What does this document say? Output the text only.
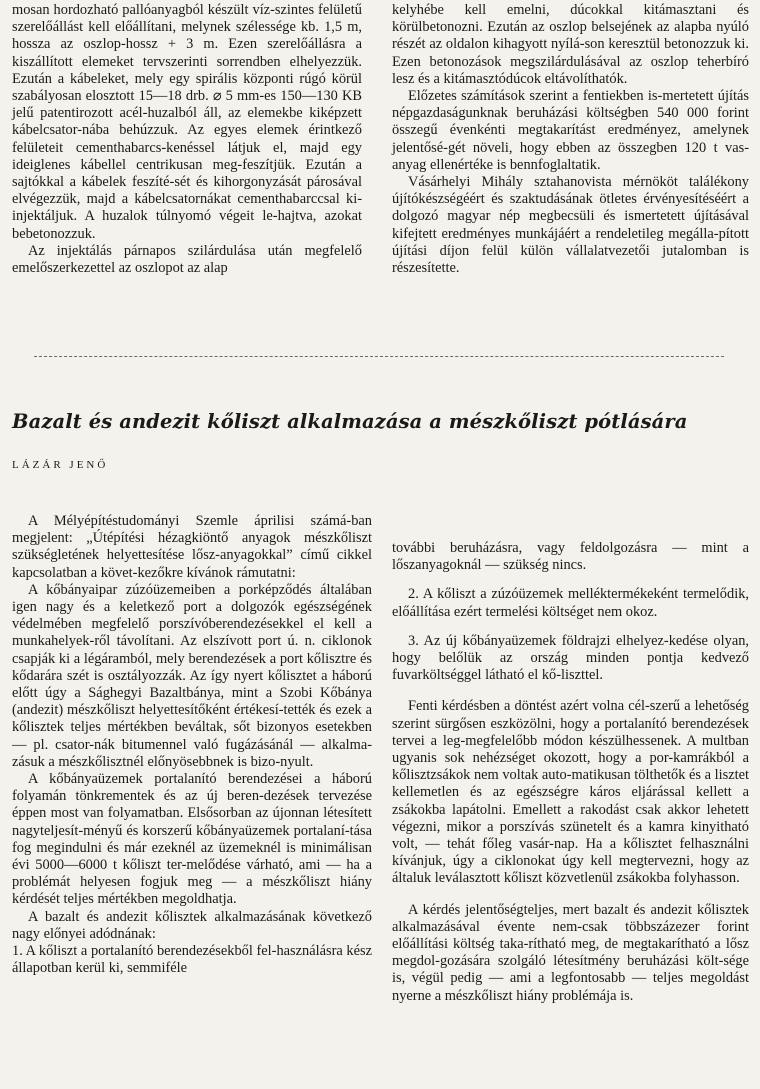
mosan hordozható pallóanyagból készült víz-szintes felületű szerelőállást kell előállítani, melynek szélessége kb. 1,5 m, hossza az oszlop-hossz + 3 m. Ezen szerelőállásra a kiszállított elemeket tervszerinti sorrendben elhelyezzük. Ezután a kábeleket, mely egy spirális központi rúgó körül szabályosan elosztott 15—18 drb. ⌀ 5 mm-es 150—130 KB jelű patentirozott acél-huzalból áll, az elemekbe kiképzett kábelcsator-nába behúzzuk. Az egyes elemek érintkező felületeit cementhabarcs-kenéssel látjuk el, majd egy ideiglenes kábellel centrikusan meg-feszítjük. Ezután a sajtókkal a kábelek feszíté-sét és kihorgonyzását párosával elvégezzük, majd a kábelcsatornákat cementhabarccsal ki-injektáljuk. A huzalok túlnyomó végeit le-hajtva, azokat bebetonozzuk.

Az injektálás párnapos szilárdulása után megfelelő emelőszerkezettel az oszlopot az alap

kelyhébe kell emelni, dúcokkal kitámasztani és körülbetonozni. Ezután az oszlop belsejének az alapba nyúló részét az oldalon kihagyott nyílá-son keresztül betonozzuk ki. Ezen betonozások megszilárdulásával az oszlop teherbíró lesz és a kitámasztódúcok eltávolíthatók.

Előzetes számítások szerint a fentiekben is-mertetett újítás népgazdaságunknak beruházási költségben 540 000 forint összegű évenkénti megtakarítást eredményez, amelynek jelentősé-gét növeli, hogy ebben az összegben 120 t vas-anyag ellenértéke is bennfoglaltatik.

Vásárhelyi Mihály sztahanovista mérnököt találékony újítókészségéért és szaktudásának ötletes érvényesítéséért a dolgozó magyar nép megbecsüli és ismertetett újításával kifejtett eredményes munkájáért a rendeletileg megálla-pított újítási díjon felül külön vállalatvezetői jutalomban is részesítette.

Bazalt és andezit kőliszt alkalmazása a mészkőliszt pótlására
LÁZÁR JENŐ

A Mélyépítéstudományi Szemle áprilisi számá-ban megjelent: „Útépítési hézagkiöntő anyagok mészkőliszt szükségletének helyettesítése lősz-anyagokkal” című cikkel kapcsolatban a követ-kezőkre kívánok rámutatni:

A kőbányaipar zúzóüzemeiben a porképződés általában igen nagy és a keletkező port a dolgozók egészségének védelmében megfelelő porszívóberendezésekkel el kell a munkahelyek-ről távolítani. Az elszívott port ú. n. ciklonok csapják ki a légáramból, mely berendezések a port kőlisztre és kődarára szét is osztályozzák. Az így nyert kőlisztet a háború előtt úgy a Sághegyi Bazaltbánya, mint a Szobi Kőbánya (andezit) mészkőliszt helyettesítőként értékesí-tették és ezek a kőlisztek teljes mértékben beváltak, sőt bizonyos esetekben — pl. csator-nák bitumennel való fugázásánál — alkalma-zásuk a mészkőlisztnél előnyösebbnek is bizo-nyult.

A kőbányaüzemek portalanító berendezései a háború folyamán tönkrementek és az új beren-dezések tervezése éppen most van folyamatban. Elsősorban az újonnan létesített nagyteljesít-ményű és korszerű kőbányaüzemek portalaní-tása fog megindulni és már ezeknél az üzemeknél is minimálisan évi 5000—6000 t kőliszt ter-melődése várható, ami — ha a problémát helyesen fogjuk meg — a mészkőliszt hiány kérdését teljes mértékben megoldhatja.

A bazalt és andezit kőlisztek alkalmazásának következő nagy előnyei adódnának:

1. A kőliszt a portalanító berendezésekből fel-használásra kész állapotban kerül ki, semmiféle

további beruházásra, vagy feldolgozásra — mint a lőszanyagoknál — szükség nincs.

2. A kőliszt a zúzóüzemek melléktermékeként termelődik, előállítása ezért termelési költséget nem okoz.

3. Az új kőbányaüzemek földrajzi elhelyez-kedése olyan, hogy belőlük az ország minden pontja kedvező fuvarköltséggel látható el kő-liszttel.

Fenti kérdésben a döntést azért volna cél-szerű a lehetőség szerint sürgősen eszközölni, hogy a portalanító berendezések tervei a leg-megfelelőbb módon készülhessenek. A multban ugyanis sok nehézséget okozott, hogy a por-kamrákból a kőlisztzsákok nem voltak auto-matikusan tölthetők és a lisztet kellemetlen és az egészségre káros eljárással kellett a zsákokba lapátolni. Emellett a rakodást csak akkor lehetett végezni, mikor a porszívás szünetelt és a kamra kinyitható volt, — tehát főleg vasár-nap. Ha a kőlisztet felhasználni kívánjuk, úgy a ciklonokat úgy kell megtervezni, hogy az általuk leválasztott kőliszt közvetlenül zsákokba folyhasson.

A kérdés jelentőségteljes, mert bazalt és andezit kőlisztek alkalmazásával évente nem-csak többszázezer forint előállítási költség taka-rítható meg, de megtakarítható a lősz megdol-gozására szolgáló létesítmény beruházási költ-sége is, végül pedig — ami a legfontosabb — teljes megoldást nyerne a mészkőliszt hiány problémája is.
